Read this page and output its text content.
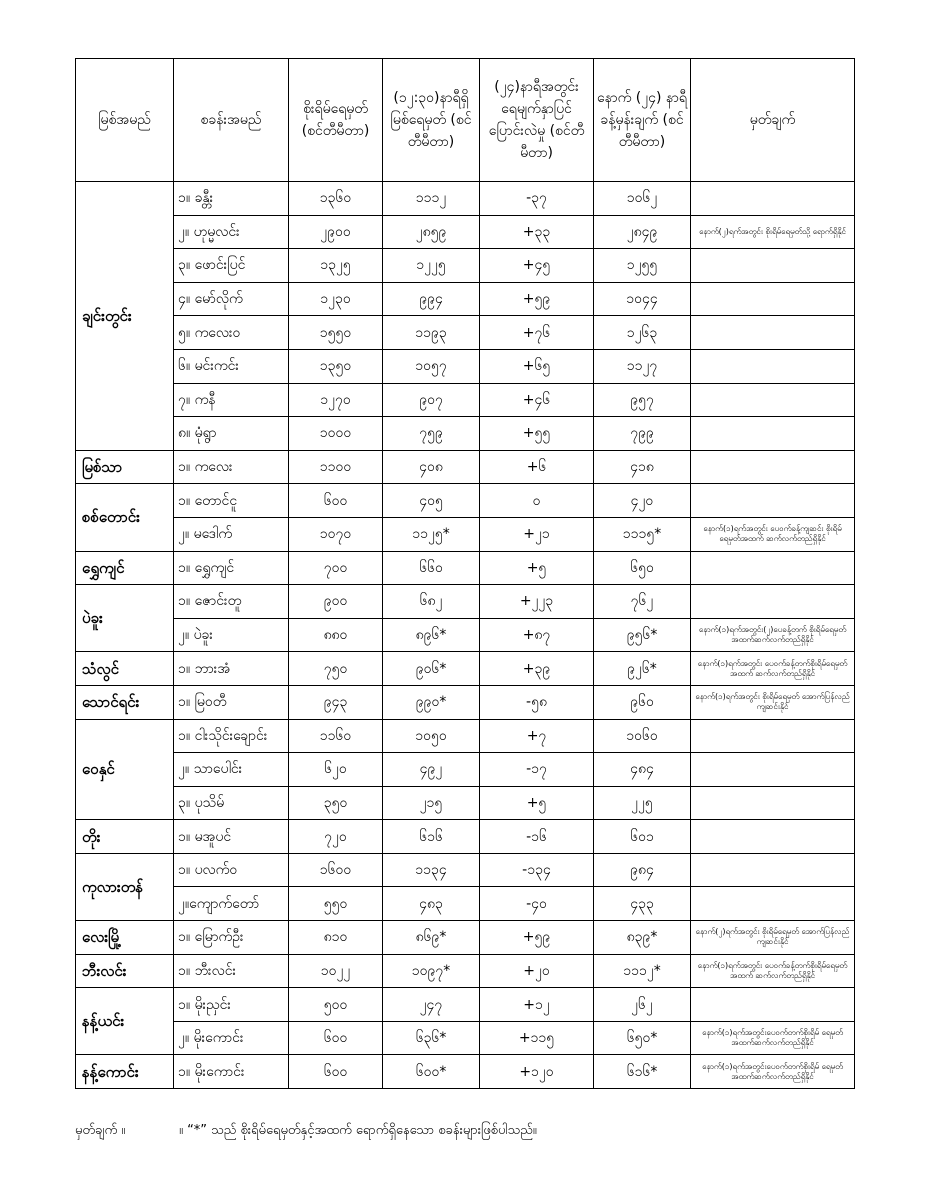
မြစ်အမည်	စခန်းအမည်	စိုးရိမ်ရေမှတ် (စင်တီမီတာ)	(၁၂:၃၀)နာရီရှိ မြစ်ရေမှတ် (စင်တီမီတာ)	(၂၄)နာရီအတွင်း ရေမျက်နှာပြင် ပြောင်းလဲမှု (စင်တီမီတာ)	နောက် (၂၄) နာရီ ခန့်မှန်းချက် (စင်တီမီတာ)	မှတ်ချက်
ချင်းတွင်း	၁။ ခန္တီး	၁၃၆၀	၁၁၁၂	-၃၇	၁၀၆၂	
	၂။ ဟုမ္မလင်း	၂၉၀၀	၂၈၅၉	+၃၃	၂၈၄၉	နောက်(၂)ရက်အတွင်း စိုးရိမ်ရေမှတ်သို့ ရောက်ရှိနိုင်
	၃။ ဖောင်းပြင်	၁၃၂၅	၁၂၂၅	+၄၅	၁၂၅၅	
	၄။ မော်လိုက်	၁၂၃၀	၉၉၄	+၅၉	၁၀၄၄	
	၅။ ကလေးဝ	၁၅၅၀	၁၁၉၃	+၇၆	၁၂၆၃	
	၆။ မင်းကင်း	၁၃၅၀	၁၀၅၇	+၆၅	၁၁၂၇	
	၇။ ကနီ	၁၂၇၀	၉၀၇	+၄၆	၉၅၇	
	၈။ မုံရွာ	၁၀၀၀	၇၅၉	+၅၅	၇၉၉	
မြစ်သာ	၁။ ကလေး	၁၁၀၀	၄၀၈	+၆	၄၁၈	
စစ်တောင်း	၁။ တောင်ငူ	၆၀၀	၄၀၅	၀	၄၂၀	
	၂။ မဒေါက်	၁၀၇၀	၁၁၂၅*	+၂၁	၁၁၁၅*	နောက်(၁)ရက်အတွင်း ပေ‌ဝက်ခန့်ကျဆင်း စိုးရိမ်ရေမှတ်အထက် ဆက်လက်တည်ရှိနိုင်
ရွှေကျင်	၁။ ရွှေကျင်	၇၀၀	၆၆၀	+၅	၆၅၀	
ပဲခူး	၁။ ဇောင်းတူ	၉၀၀	၆၈၂	+၂၂၃	၇၆၂	
	၂။ ပဲခူး	၈၈၀	၈၉၆*	+၈၇	၉၅၆*	နောက်(၁)ရက်အတွင်း(၂)ပေခန့်တက် စိုးရိမ်ရေမှတ်အထက်ဆက်လက်တည်ရှိနိုင်
သံလွင်	၁။ ဘားအံ	၇၅၀	၉၀၆*	+၃၉	၉၂၆*	နောက်(၁)ရက်အတွင်း ပေ‌ဝက်ခန့်တက်စိုးရိမ်ရေမှတ်အထက် ဆက်လက်တည်ရှိနိုင်
သောင်ရင်း	၁။ မြဝတီ	၉၄၃	၉၉၀*	-၅၈	၉၆၀	နောက်(၁)ရက်အတွင်း စိုးရိမ်ရေမှတ် အောက်ပြန်လည်ကျဆင်းနိုင်
ဝေနှင်	၁။ ငါးသိုင်းချောင်း	၁၁၆၀	၁၀၅၀	+၇	၁၀၆၀	
	၂။ သာပေါင်း	၆၂၀	၄၉၂	-၁၇	၄၈၄	
	၃။ ပုသိမ်	၃၅၀	၂၁၅	+၅	၂၂၅	
တိုး	၁။ မအူပင်	၇၂၀	၆၁၆	-၁၆	၆၀၁	
ကုလားတန်	၁။ ပလက်ဝ	၁၆၀၀	၁၁၃၄	-၁၃၄	၉၈၄	
	၂။ကျောက်တော်	၅၅၀	၄၈၃	-၄၀	၄၃၃	
လေးမြို့	၁။ မြောက်ဦး	၈၁၀	၈၆၉*	+၅၉	၈၃၉*	နောက်(၂)ရက်အတွင်း စိုးရိမ်ရေမှတ် အောက်ပြန်လည်ကျဆင်းနိုင်
ဘီးလင်း	၁။ ဘီးလင်း	၁၀၂၂	၁၀၉၇*	+၂၀	၁၁၁၂*	နောက်(၁)ရက်အတွင်း ပေ‌ဝက်ခန့်တက်စိုးရိမ်ရေမှတ်အထက် ဆက်လက်တည်ရှိနိုင်
နန့်ယင်း	၁။ မိုးညှင်း	၅၀၀	၂၄၇	+၁၂	၂၆၂	
	၂။ မိုးကောင်း	၆၀၀	၆၃၆*	+၁၁၅	၆၅၀*	နောက်(၁)ရက်အတွင်းပေဝက်တက်စိုးရိမ် ရေမှတ်အထက်ဆက်လက်တည်ရှိနိုင်
နန့်ကောင်း	၁။ မိုးကောင်း	၆၀၀	၆၀၀*	+၁၂၀	၆၁၆*	နောက်(၁)ရက်အတွင်းပေဝက်တက်စိုးရိမ် ရေမှတ်အထက်ဆက်လက်တည်ရှိနိုင်
မှတ်ချက် ။	။ “*” သည် စိုးရိမ်ရေမှတ်နှင့်အထက် ရောက်ရှိနေသော စခန်းများဖြစ်ပါသည်။
